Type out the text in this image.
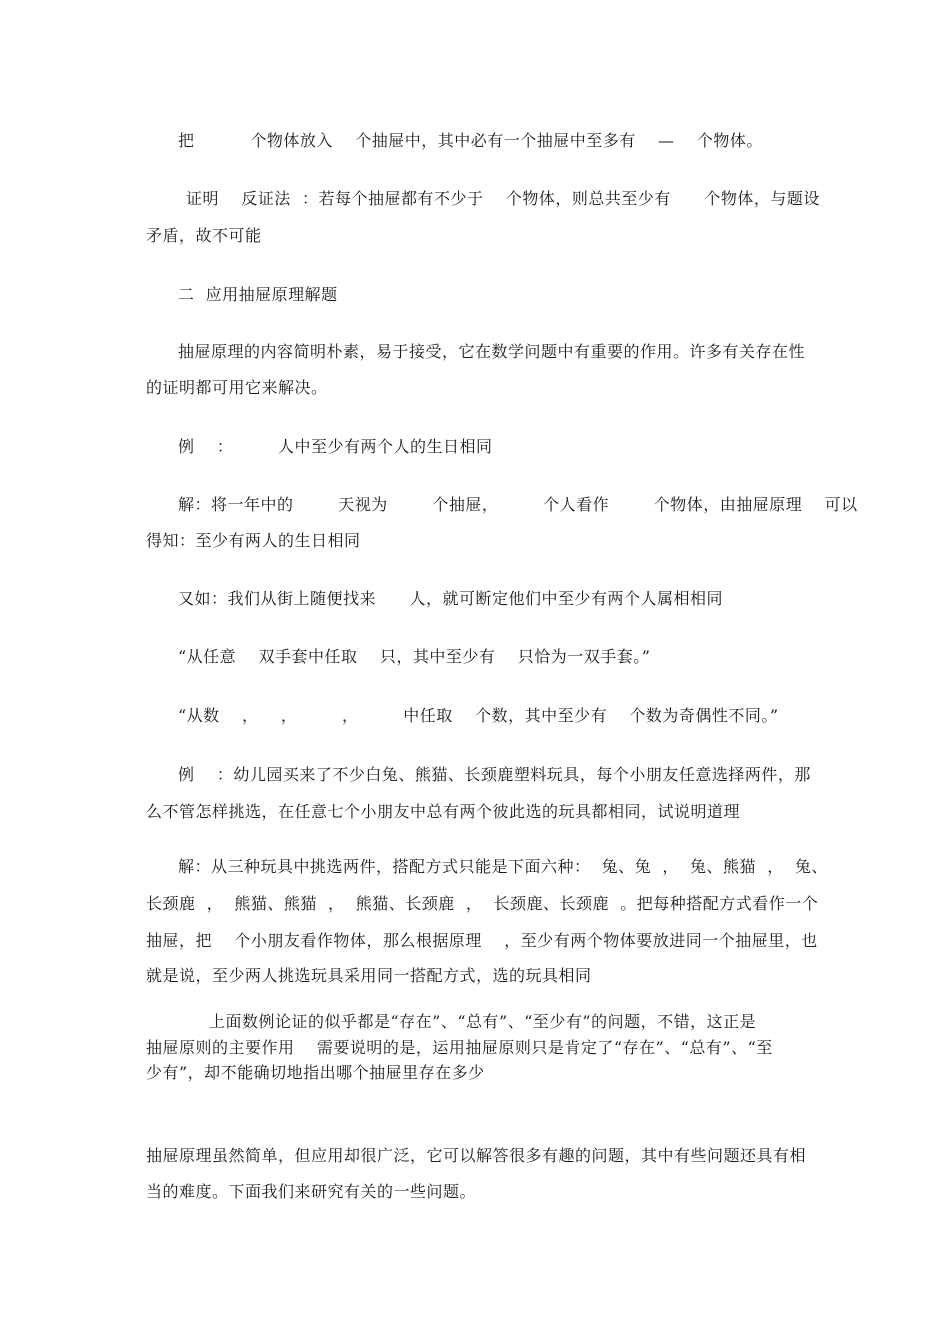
把          个物体放入    个抽屉中，其中必有一个抽屉中至多有    —    个物体。
证明    反证法  ：若每个抽屉都有不少于    个物体，则总共至少有      个物体，与题设
矛盾，故不可能
二  应用抽屉原理解题
抽屉原理的内容简明朴素，易于接受，它在数学问题中有重要的作用。许多有关存在性
的证明都可用它来解决。
例    ：        人中至少有两个人的生日相同
解：将一年中的        天视为        个抽屉，        个人看作        个物体，由抽屉原理    可以
得知：至少有两人的生日相同
又如：我们从街上随便找来      人，就可断定他们中至少有两个人属相相同
“从任意    双手套中任取    只，其中至少有    只恰为一双手套。”
“从数    ，    ，        ，        中任取    个数，其中至少有    个数为奇偶性不同。”
例    ：幼儿园买来了不少白兔、熊猫、长颈鹿塑料玩具，每个小朋友任意选择两件，那
么不管怎样挑选，在任意七个小朋友中总有两个彼此选的玩具都相同，试说明道理
解：从三种玩具中挑选两件，搭配方式只能是下面六种：  兔、兔  ，  兔、熊猫  ，  兔、
长颈鹿  ，  熊猫、熊猫  ，  熊猫、长颈鹿  ，  长颈鹿、长颈鹿  。把每种搭配方式看作一个
抽屉，把    个小朋友看作物体，那么根据原理    ，至少有两个物体要放进同一个抽屉里，也
就是说，至少两人挑选玩具采用同一搭配方式，选的玩具相同
上面数例论证的似乎都是“存在”、“总有”、“至少有”的问题，不错，这正是
抽屉原则的主要作用    需要说明的是，运用抽屉原则只是肯定了“存在”、“总有”、“至
少有”，却不能确切地指出哪个抽屉里存在多少
抽屉原理虽然简单，但应用却很广泛，它可以解答很多有趣的问题，其中有些问题还具有相
当的难度。下面我们来研究有关的一些问题。
